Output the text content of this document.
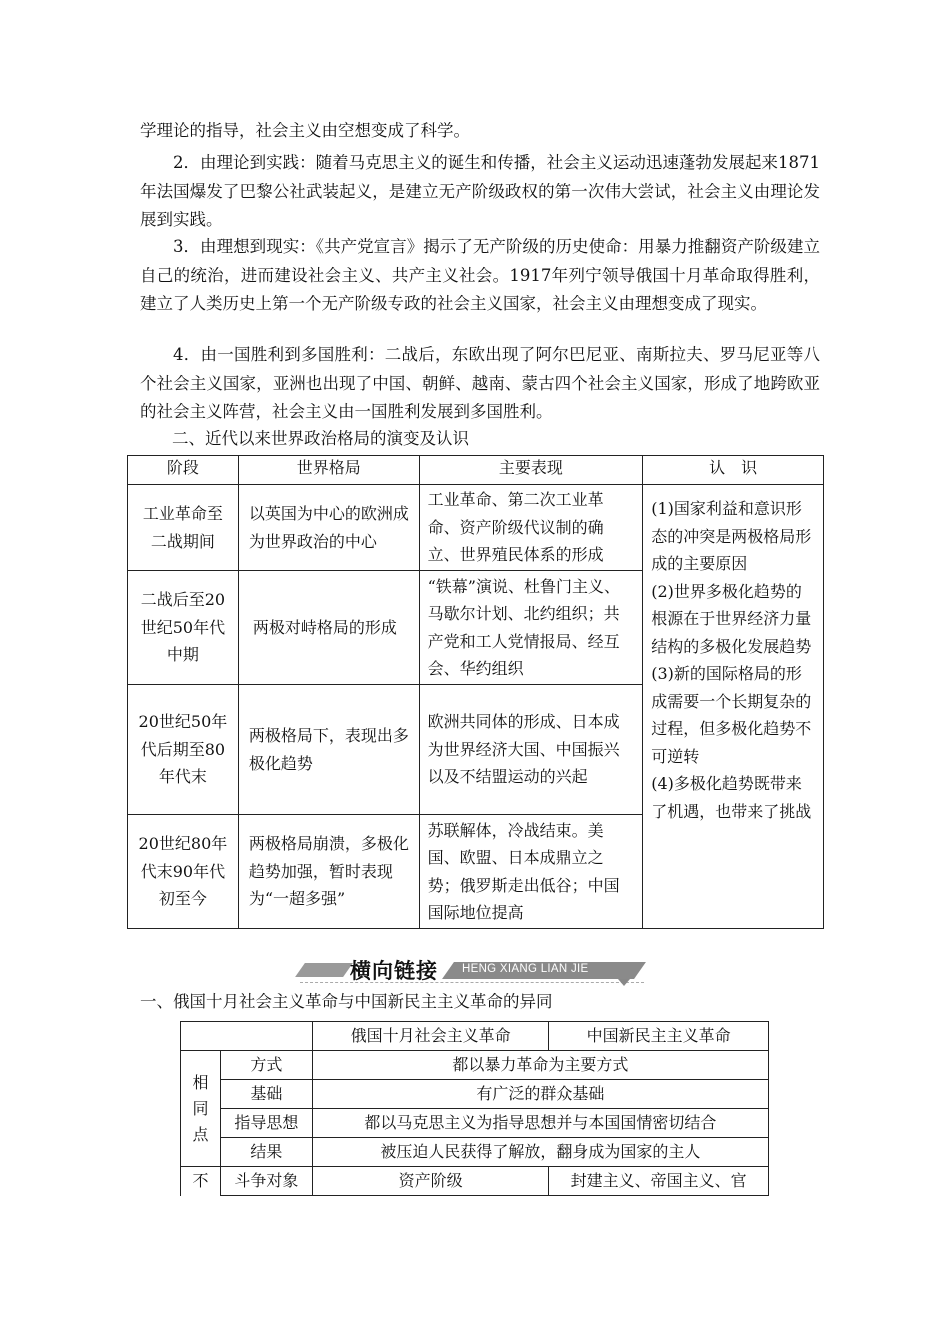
学理论的指导，社会主义由空想变成了科学。

2．由理论到实践：随着马克思主义的诞生和传播，社会主义运动迅速蓬勃发展起来1871年法国爆发了巴黎公社武装起义，是建立无产阶级政权的第一次伟大尝试，社会主义由理论发展到实践。

3．由理想到现实：《共产党宣言》揭示了无产阶级的历史使命：用暴力推翻资产阶级建立自己的统治，进而建设社会主义、共产主义社会。1917年列宁领导俄国十月革命取得胜利，建立了人类历史上第一个无产阶级专政的社会主义国家，社会主义由理想变成了现实。

4．由一国胜利到多国胜利：二战后，东欧出现了阿尔巴尼亚、南斯拉夫、罗马尼亚等八个社会主义国家，亚洲也出现了中国、朝鲜、越南、蒙古四个社会主义国家，形成了地跨欧亚的社会主义阵营，社会主义由一国胜利发展到多国胜利。

二、近代以来世界政治格局的演变及认识

阶段	世界格局	主要表现	认　识
工业革命至二战期间	以英国为中心的欧洲成为世界政治的中心	工业革命、第二次工业革命、资产阶级代议制的确立、世界殖民体系的形成	(1)国家利益和意识形态的冲突是两极格局形成的主要原因
(2)世界多极化趋势的根源在于世界经济力量结构的多极化发展趋势
(3)新的国际格局的形成需要一个长期复杂的过程，但多极化趋势不可逆转
(4)多极化趋势既带来了机遇，也带来了挑战

二战后至20世纪50年代中期	两极对峙格局的形成	“铁幕”演说、杜鲁门主义、马歇尔计划、北约组织；共产党和工人党情报局、经互会、华约组织	
20世纪50年代后期至80年代末	两极格局下，表现出多极化趋势	欧洲共同体的形成、日本成为世界经济大国、中国振兴以及不结盟运动的兴起	
20世纪80年代末90年代初至今	两极格局崩溃，多极化趋势加强，暂时表现为“一超多强”	苏联解体，冷战结束。美国、欧盟、日本成鼎立之势；俄罗斯走出低谷；中国国际地位提高	
横向链接 HENG XIANG LIAN JIE

一、俄国十月社会主义革命与中国新民主主义革命的异同

		俄国十月社会主义革命	中国新民主主义革命
相同点	方式	都以暴力革命为主要方式	
	基础	有广泛的群众基础	
	指导思想	都以马克思主义为指导思想并与本国国情密切结合	
	结果	被压迫人民获得了解放，翻身成为国家的主人	
不	斗争对象	资产阶级	封建主义、帝国主义、官
